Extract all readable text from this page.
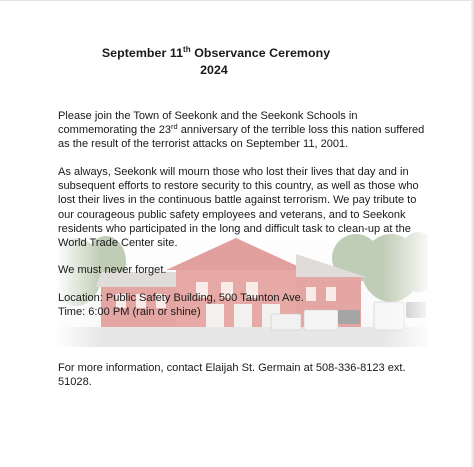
September 11th Observance Ceremony
2024

Please join the Town of Seekonk and the Seekonk Schools in commemorating the 23rd anniversary of the terrible loss this nation suffered as the result of the terrorist attacks on September 11, 2001.

As always, Seekonk will mourn those who lost their lives that day and in subsequent efforts to restore security to this country, as well as those who lost their lives in the continuous battle against terrorism. We pay tribute to our courageous public safety employees and veterans, and to Seekonk residents who participated in the long and difficult task to clean-up at the World Trade Center site.

We must never forget.

Location: Public Safety Building, 500 Taunton Ave.

Time: 6:00 PM (rain or shine)

For more information, contact Elaijah St. Germain at 508-336-8123 ext. 51028.
